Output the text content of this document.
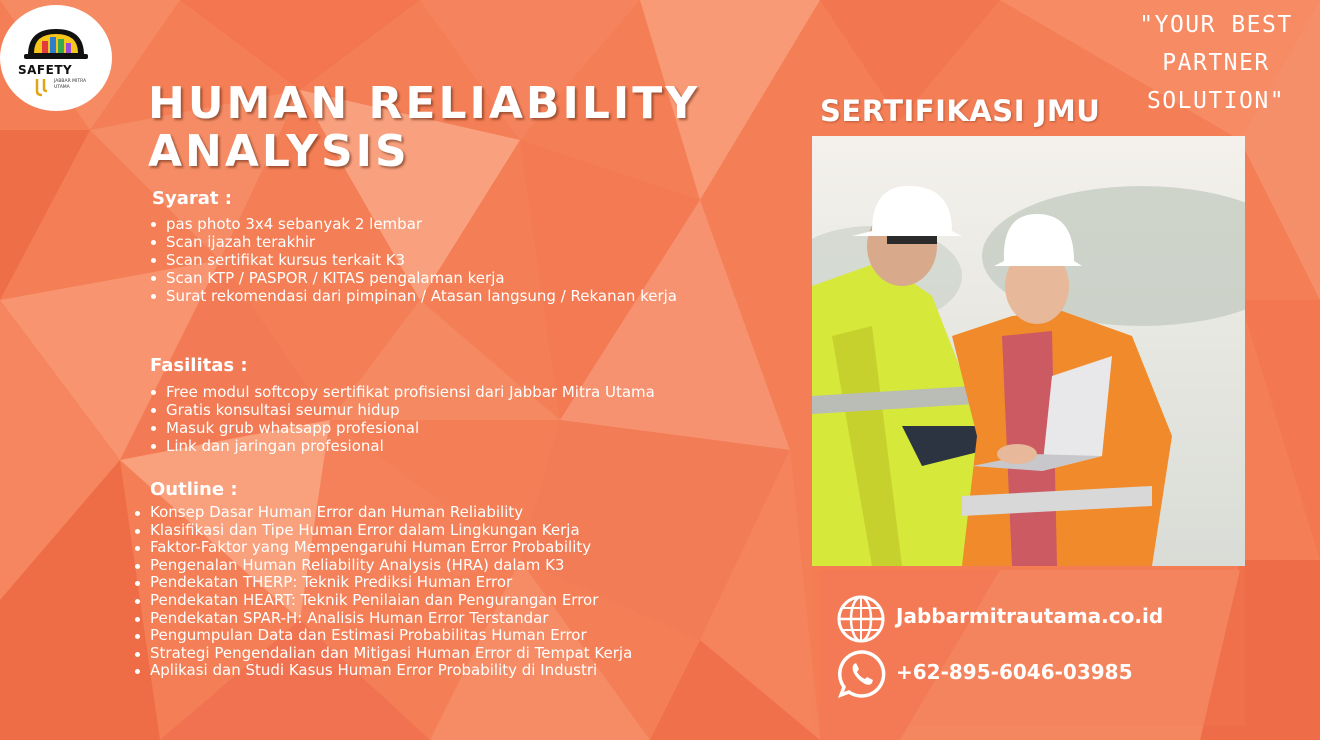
SAFETY
JABBAR MITRA UTAMA	HUMAN RELIABILITY
ANALYSIS
"YOUR BEST
PARTNER
SOLUTION"
Syarat :
pas photo 3x4 sebanyak 2 lembar
Scan ijazah terakhir
Scan sertifikat kursus terkait K3
Scan KTP / PASPOR / KITAS pengalaman kerja
Surat rekomendasi dari pimpinan / Atasan langsung / Rekanan kerja
Fasilitas :
Free modul softcopy sertifikat profisiensi dari Jabbar Mitra Utama
Gratis konsultasi seumur hidup
Masuk grub whatsapp profesional
Link dan jaringan profesional
Outline :
Konsep Dasar Human Error dan Human Reliability
Klasifikasi dan Tipe Human Error dalam Lingkungan Kerja
Faktor-Faktor yang Mempengaruhi Human Error Probability
Pengenalan Human Reliability Analysis (HRA) dalam K3
Pendekatan THERP: Teknik Prediksi Human Error
Pendekatan HEART: Teknik Penilaian dan Pengurangan Error
Pendekatan SPAR-H: Analisis Human Error Terstandar
Pengumpulan Data dan Estimasi Probabilitas Human Error
Strategi Pengendalian dan Mitigasi Human Error di Tempat Kerja
Aplikasi dan Studi Kasus Human Error Probability di Industri
SERTIFIKASI JMU
Jabbarmitrautama.co.id
+62-895-6046-03985
